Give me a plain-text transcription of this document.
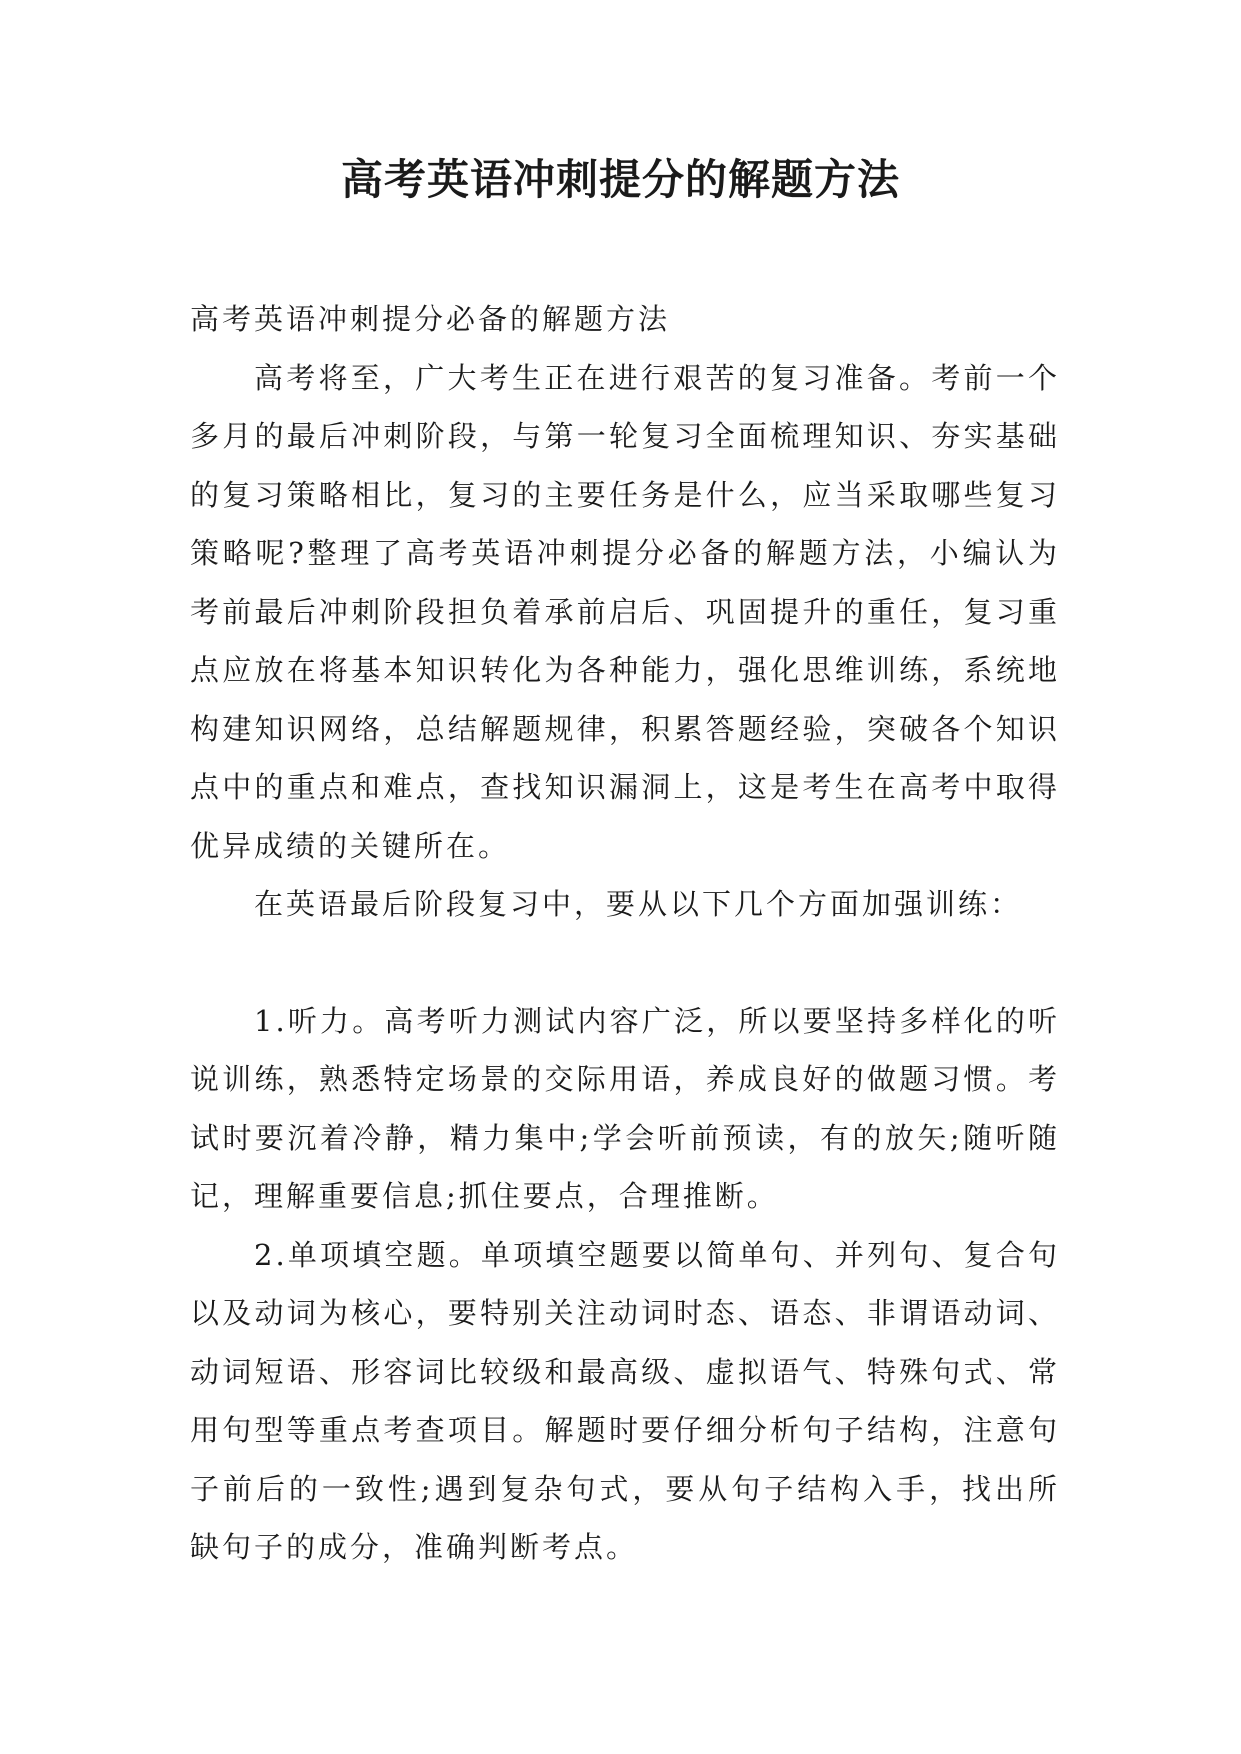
高考英语冲刺提分的解题方法

高考英语冲刺提分必备的解题方法

高考将至，广大考生正在进行艰苦的复习准备。考前一个多月的最后冲刺阶段，与第一轮复习全面梳理知识、夯实基础的复习策略相比，复习的主要任务是什么，应当采取哪些复习策略呢?整理了高考英语冲刺提分必备的解题方法，小编认为考前最后冲刺阶段担负着承前启后、巩固提升的重任，复习重点应放在将基本知识转化为各种能力，强化思维训练，系统地构建知识网络，总结解题规律，积累答题经验，突破各个知识点中的重点和难点，查找知识漏洞上，这是考生在高考中取得优异成绩的关键所在。

在英语最后阶段复习中，要从以下几个方面加强训练：

1.听力。高考听力测试内容广泛，所以要坚持多样化的听说训练，熟悉特定场景的交际用语，养成良好的做题习惯。考试时要沉着冷静，精力集中;学会听前预读，有的放矢;随听随记，理解重要信息;抓住要点，合理推断。

2.单项填空题。单项填空题要以简单句、并列句、复合句以及动词为核心，要特别关注动词时态、语态、非谓语动词、动词短语、形容词比较级和最高级、虚拟语气、特殊句式、常用句型等重点考查项目。解题时要仔细分析句子结构，注意句子前后的一致性;遇到复杂句式，要从句子结构入手，找出所缺句子的成分，准确判断考点。
